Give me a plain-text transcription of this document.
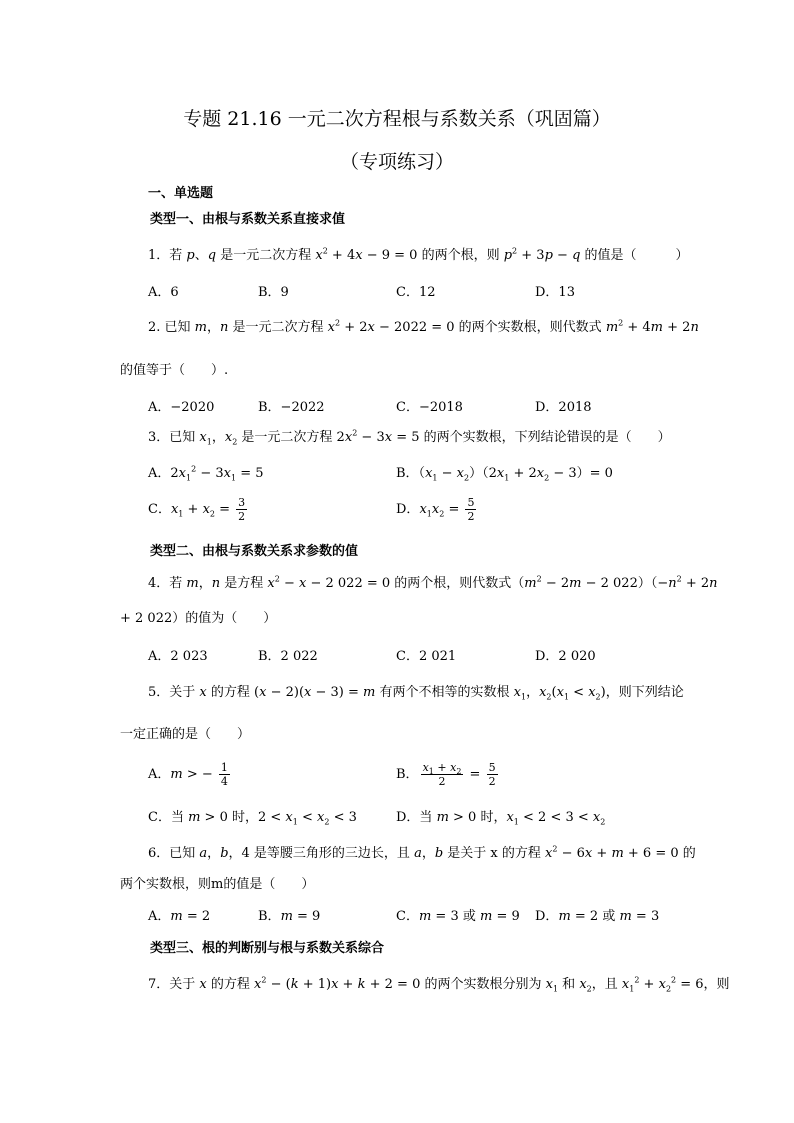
专题 21.16 一元二次方程根与系数关系（巩固篇）
（专项练习）
一、单选题
类型一、由根与系数关系直接求值
1．若 p、q 是一元二次方程 $x^2 + 4x - 9 = 0$ 的两个根，则 $p^2 + 3p - q$ 的值是（　　　）
A．6	B．9	C．12	D．13
2. 已知 m，n 是一元二次方程 $x^2 + 2x - 2022 = 0$ 的两个实数根，则代数式 $m^2 + 4m + 2n$
的值等于（　　）.
A．−2020	B．−2022	C．−2018	D．2018
3．已知 $x_1$，$x_2$ 是一元二次方程 $2x^2 - 3x = 5$ 的两个实数根，下列结论错误的是（　　）
A．$2x_1^2 - 3x_1 = 5$	B．$(x_1 - x_2)(2x_1 + 2x_2 - 3)= 0$
C．$x_1 + x_2 = \frac{3}{2}$	D．$x_1x_2 = \frac{5}{2}$
类型二、由根与系数关系求参数的值
4．若 m，n 是方程 $x^2 - x - 2$ 022 = 0 的两个根，则代数式（$m^2 - 2m - 2$ $022)(-n^2 + 2n$
+ 2 022）的值为（　　）
A．2 023	B．2 022	C．2 021	D．2 020
5．关于 x 的方程 (x − 2)(x − 3) = m 有两个不相等的实数根 $x_1$，$x_2(x_1 < x_2)$，则下列结论
一定正确的是（　　）
A．m > − $\frac{1}{4}$	B． $\frac{x_1 + x_2}{2} = \frac{5}{2}$
C．当 m > 0 时，$2 < x_1 < x_2 < 3$	D．当 m > 0 时，$x_1 < 2 < 3 < x_2$
6．已知 a，b，4 是等腰三角形的三边长，且 a，b 是关于 x 的方程 $x^2 - 6x + m + 6 = 0$ 的
两个实数根，则m的值是（　　）
A．m = 2	B．m = 9	C．m = 3 或 m = 9 D．m = 2 或 m = 3
类型三、根的判断别与根与系数关系综合
7．关于 x 的方程 $x^2 - (k + 1)x + k + 2 = 0$ 的两个实数根分别为 $x_1$ 和 $x_2$，且 $x_1^2 + x_2^2 = 6$，则
